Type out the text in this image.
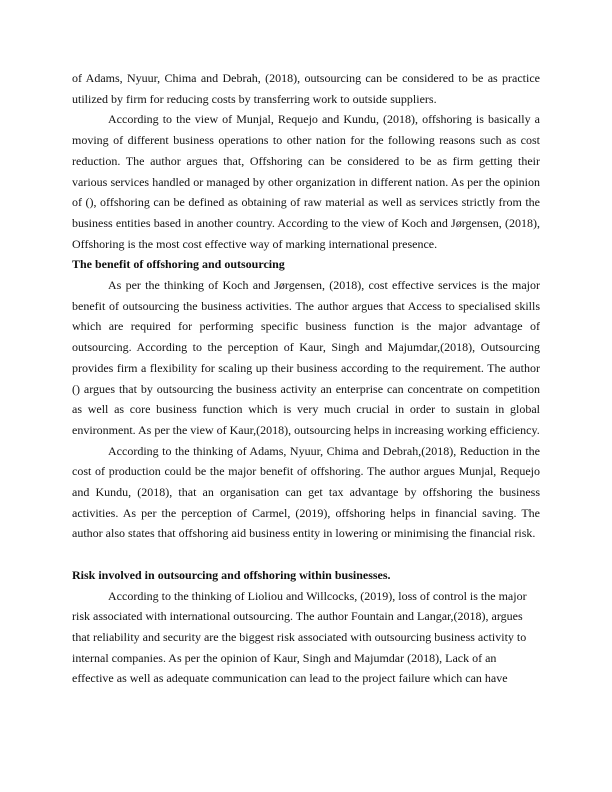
of Adams, Nyuur, Chima and Debrah, (2018), outsourcing can be considered to be as practice utilized by firm for reducing costs by transferring work to outside suppliers.

According to the view of Munjal, Requejo and Kundu, (2018), offshoring is basically a moving of different business operations to other nation for the following reasons such as cost reduction. The author argues that, Offshoring can be considered to be as firm getting their various services handled or managed by other organization in different nation. As per the opinion of (), offshoring can be defined as obtaining of raw material as well as services strictly from the business entities based in another country. According to the view of Koch and Jørgensen, (2018), Offshoring is the most cost effective way of marking international presence.

The benefit of offshoring and outsourcing

As per the thinking of Koch and Jørgensen, (2018), cost effective services is the major benefit of outsourcing the business activities. The author argues that Access to specialised skills which are required for performing specific business function is the major advantage of outsourcing. According to the perception of Kaur, Singh and Majumdar,(2018), Outsourcing provides firm a flexibility for scaling up their business according to the requirement. The author () argues that by outsourcing the business activity an enterprise can concentrate on competition as well as core business function which is very much crucial in order to sustain in global environment. As per the view of Kaur,(2018), outsourcing helps in increasing working efficiency.

According to the thinking of Adams, Nyuur, Chima and Debrah,(2018), Reduction in the cost of production could be the major benefit of offshoring. The author argues Munjal, Requejo and Kundu, (2018), that an organisation can get tax advantage by offshoring the business activities. As per the perception of Carmel, (2019), offshoring helps in financial saving. The author also states that offshoring aid business entity in lowering or minimising the financial risk.

Risk involved in outsourcing and offshoring within businesses.

According to the thinking of Lioliou and Willcocks, (2019), loss of control is the major risk associated with international outsourcing. The author Fountain and Langar,(2018), argues that reliability and security are the biggest risk associated with outsourcing business activity to internal companies. As per the opinion of Kaur, Singh and Majumdar (2018), Lack of an effective as well as adequate communication can lead to the project failure which can have
